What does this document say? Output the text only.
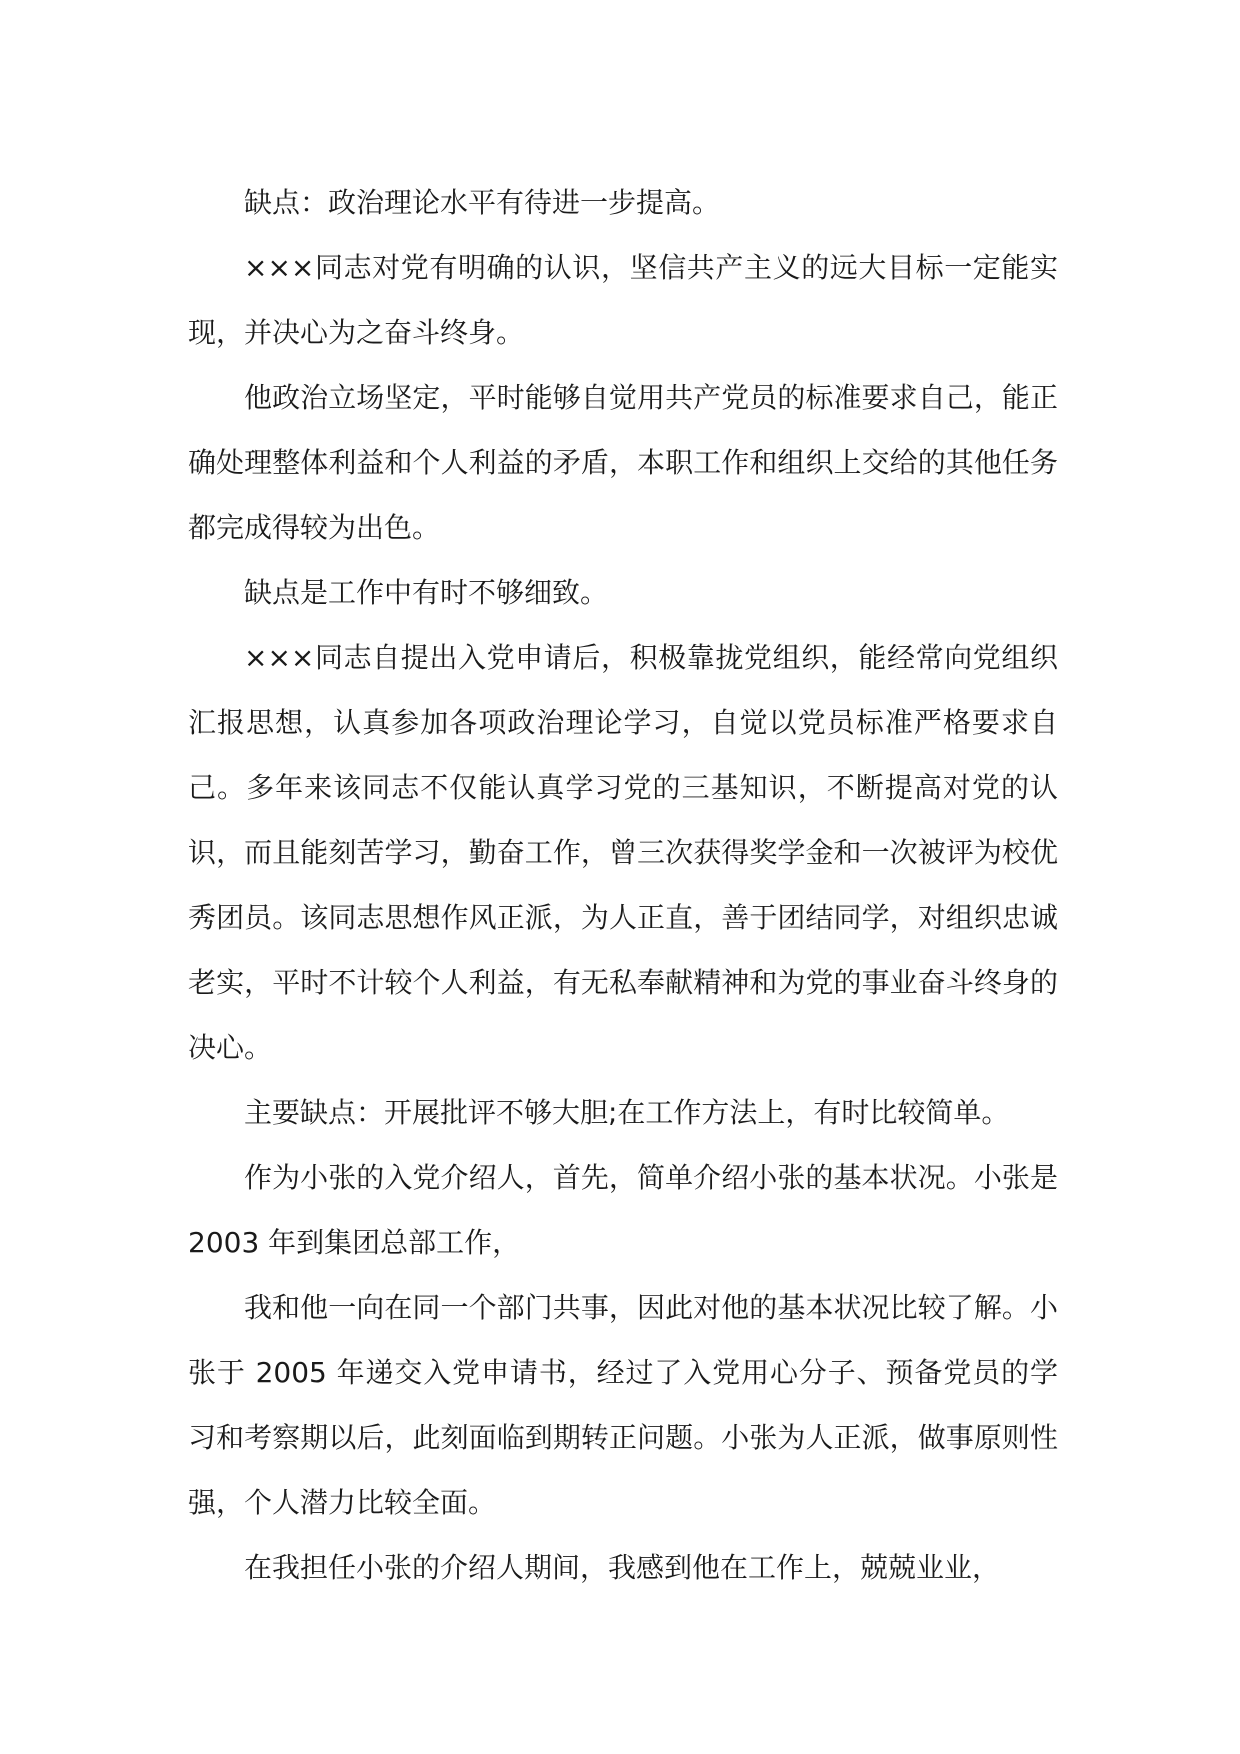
缺点：政治理论水平有待进一步提高。

×××同志对党有明确的认识，坚信共产主义的远大目标一定能实现，并决心为之奋斗终身。

他政治立场坚定，平时能够自觉用共产党员的标准要求自己，能正确处理整体利益和个人利益的矛盾，本职工作和组织上交给的其他任务都完成得较为出色。

缺点是工作中有时不够细致。

×××同志自提出入党申请后，积极靠拢党组织，能经常向党组织汇报思想，认真参加各项政治理论学习，自觉以党员标准严格要求自己。多年来该同志不仅能认真学习党的三基知识，不断提高对党的认识，而且能刻苦学习，勤奋工作，曾三次获得奖学金和一次被评为校优秀团员。该同志思想作风正派，为人正直，善于团结同学，对组织忠诚老实，平时不计较个人利益，有无私奉献精神和为党的事业奋斗终身的决心。

主要缺点：开展批评不够大胆;在工作方法上，有时比较简单。

作为小张的入党介绍人，首先，简单介绍小张的基本状况。小张是 2003 年到集团总部工作，

我和他一向在同一个部门共事，因此对他的基本状况比较了解。小张于 2005 年递交入党申请书，经过了入党用心分子、预备党员的学习和考察期以后，此刻面临到期转正问题。小张为人正派，做事原则性强，个人潜力比较全面。

在我担任小张的介绍人期间，我感到他在工作上，兢兢业业，
